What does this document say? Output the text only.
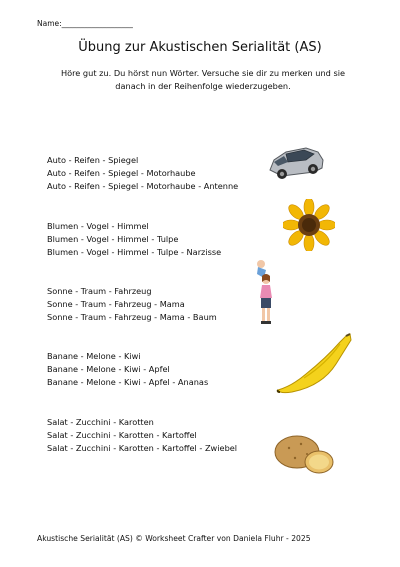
Name:___________________
Übung zur Akustischen Serialität (AS)
Höre gut zu. Du hörst nun Wörter. Versuche sie dir zu merken und sie danach in der Reihenfolge wiederzugeben.
Auto - Reifen - Spiegel
Auto - Reifen - Spiegel - Motorhaube
Auto - Reifen - Spiegel - Motorhaube - Antenne
Blumen - Vogel - Himmel
Blumen - Vogel - Himmel - Tulpe
Blumen - Vogel - Himmel - Tulpe - Narzisse
Sonne - Traum - Fahrzeug
Sonne - Traum - Fahrzeug - Mama
Sonne - Traum - Fahrzeug - Mama - Baum
Banane - Melone - Kiwi
Banane - Melone - Kiwi - Apfel
Banane - Melone - Kiwi - Apfel - Ananas
Salat - Zucchini - Karotten
Salat - Zucchini - Karotten - Kartoffel
Salat - Zucchini - Karotten - Kartoffel - Zwiebel
Akustische Serialität (AS) © Worksheet Crafter von Daniela Fluhr - 2025
